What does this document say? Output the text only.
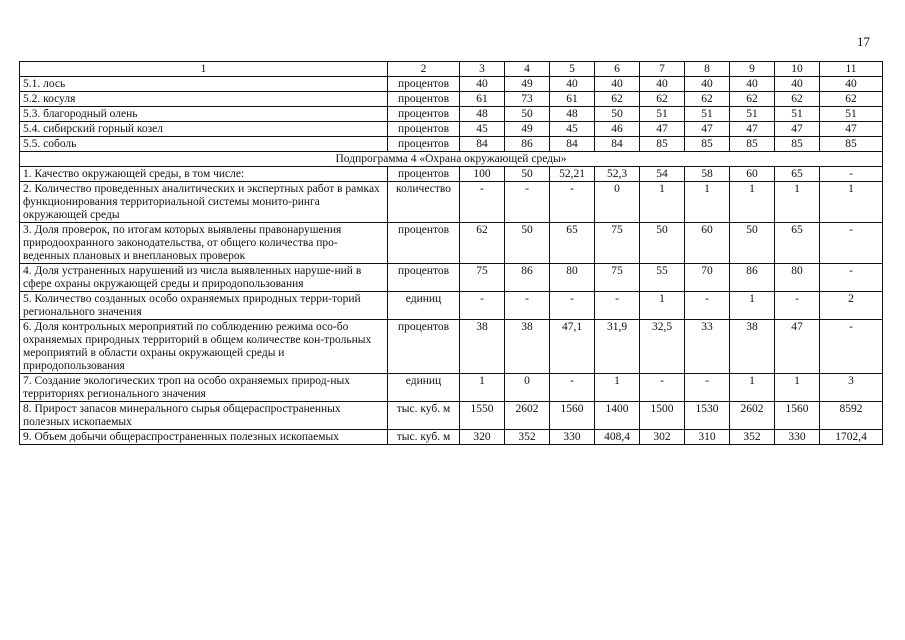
17
1	2	3	4	5	6	7	8	9	10	11
5.1. лось	процентов	40	49	40	40	40	40	40	40	40
5.2. косуля	процентов	61	73	61	62	62	62	62	62	62
5.3. благородный олень	процентов	48	50	48	50	51	51	51	51	51
5.4. сибирский горный козел	процентов	45	49	45	46	47	47	47	47	47
5.5. соболь	процентов	84	86	84	84	85	85	85	85	85
Подпрограмма 4 «Охрана окружающей среды»										
1. Качество окружающей среды, в том числе:	процентов	100	50	52,21	52,3	54	58	60	65	-
2. Количество проведенных аналитических и экспертных работ в рамках функционирования территориальной системы монито-ринга окружающей среды	количество	-	-	-	0	1	1	1	1	1
3. Доля проверок, по итогам которых выявлены правонарушения природоохранного законодательства, от общего количества про-веденных плановых и внеплановых проверок	процентов	62	50	65	75	50	60	50	65	-
4. Доля устраненных нарушений из числа выявленных наруше-ний в сфере охраны окружающей среды и природопользования	процентов	75	86	80	75	55	70	86	80	-
5. Количество созданных особо охраняемых природных терри-торий регионального значения	единиц	-	-	-	-	1	-	1	-	2
6. Доля контрольных мероприятий по соблюдению режима осо-бо охраняемых природных территорий в общем количестве кон-трольных мероприятий в области охраны окружающей среды и природопользования	процентов	38	38	47,1	31,9	32,5	33	38	47	-
7. Создание экологических троп на особо охраняемых природ-ных территориях регионального значения	единиц	1	0	-	1	-	-	1	1	3
8. Прирост запасов минерального сырья общераспространенных полезных ископаемых	тыс. куб. м	1550	2602	1560	1400	1500	1530	2602	1560	8592
9. Объем добычи общераспространенных полезных ископаемых	тыс. куб. м	320	352	330	408,4	302	310	352	330	1702,4
